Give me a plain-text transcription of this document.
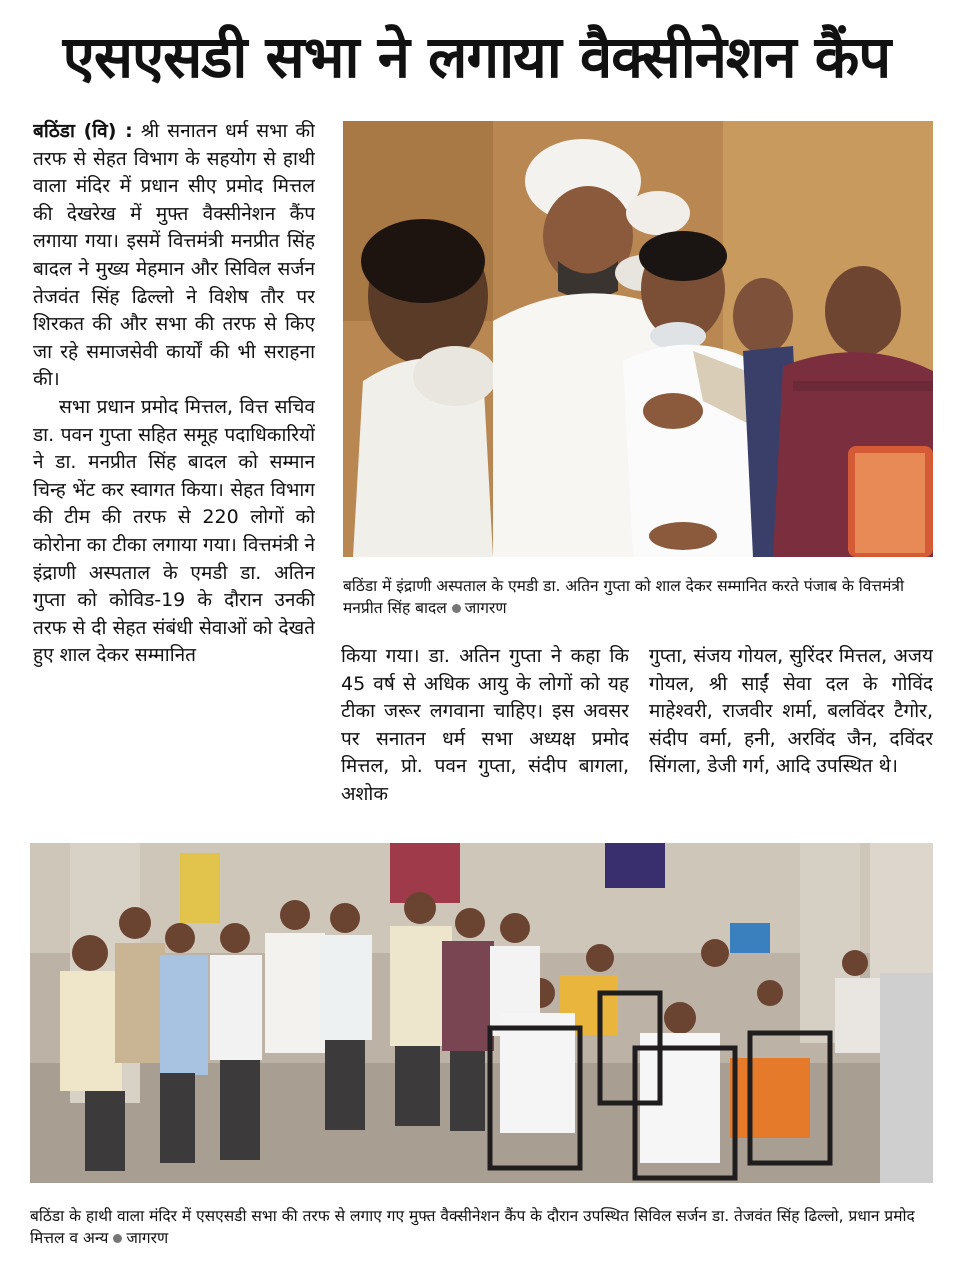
एसएसडी सभा ने लगाया वैक्सीनेशन कैंप

बठिंडा (वि) : श्री सनातन धर्म सभा की तरफ से सेहत विभाग के सहयोग से हाथी वाला मंदिर में प्रधान सीए प्रमोद मित्तल की देखरेख में मुफ्त वैक्सीनेशन कैंप लगाया गया। इसमें वित्तमंत्री मनप्रीत सिंह बादल ने मुख्य मेहमान और सिविल सर्जन तेजवंत सिंह ढिल्लो ने विशेष तौर पर शिरकत की और सभा की तरफ से किए जा रहे समाजसेवी कार्यों की भी सराहना की।

सभा प्रधान प्रमोद मित्तल, वित्त सचिव डा. पवन गुप्ता सहित समूह पदाधिकारियों ने डा. मनप्रीत सिंह बादल को सम्मान चिन्ह भेंट कर स्वागत किया। सेहत विभाग की टीम की तरफ से 220 लोगों को कोरोना का टीका लगाया गया। वित्तमंत्री ने इंद्राणी अस्पताल के एमडी डा. अतिन गुप्ता को कोविड-19 के दौरान उनकी तरफ से दी सेहत संबंधी सेवाओं को देखते हुए शाल देकर सम्मानित

बठिंडा में इंद्राणी अस्पताल के एमडी डा. अतिन गुप्ता को शाल देकर सम्मानित करते पंजाब के वित्तमंत्री मनप्रीत सिंह बादल जागरण

किया गया। डा. अतिन गुप्ता ने कहा कि 45 वर्ष से अधिक आयु के लोगों को यह टीका जरूर लगवाना चाहिए। इस अवसर पर सनातन धर्म सभा अध्यक्ष प्रमोद मित्तल, प्रो. पवन गुप्ता, संदीप बागला, अशोक

गुप्ता, संजय गोयल, सुरिंदर मित्तल, अजय गोयल, श्री साईं सेवा दल के गोविंद माहेश्वरी, राजवीर शर्मा, बलविंदर टैगोर, संदीप वर्मा, हनी, अरविंद जैन, दविंदर सिंगला, डेजी गर्ग, आदि उपस्थित थे।

बठिंडा के हाथी वाला मंदिर में एसएसडी सभा की तरफ से लगाए गए मुफ्त वैक्सीनेशन कैंप के दौरान उपस्थित सिविल सर्जन डा. तेजवंत सिंह ढिल्लो, प्रधान प्रमोद मित्तल व अन्य जागरण
